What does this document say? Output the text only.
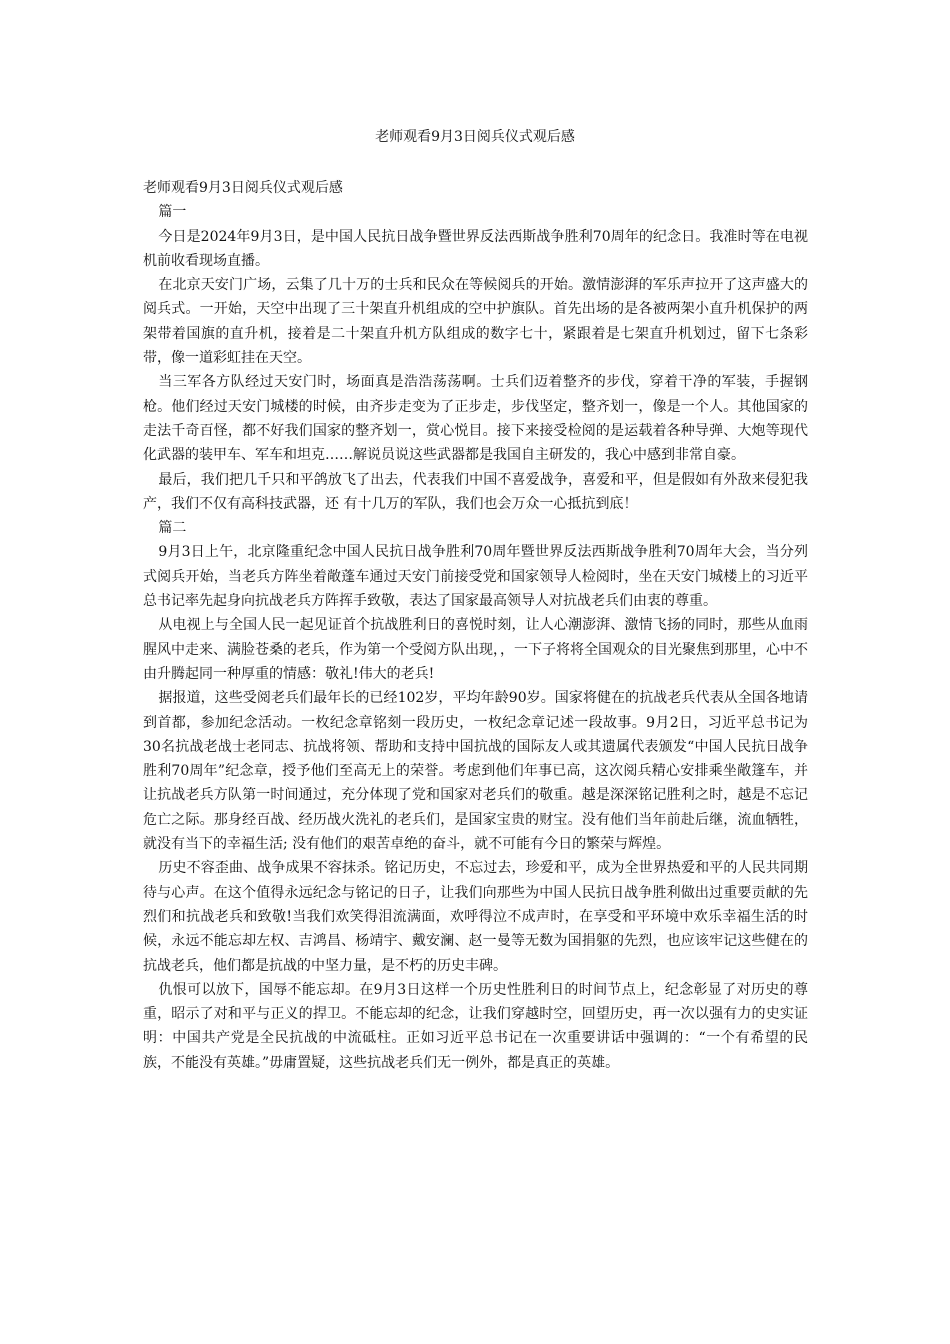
老师观看9月3日阅兵仪式观后感

老师观看9月3日阅兵仪式观后感

篇一

今日是2024年9月3日，是中国人民抗日战争暨世界反法西斯战争胜利70周年的纪念日。我准时等在电视机前收看现场直播。

在北京天安门广场，云集了几十万的士兵和民众在等候阅兵的开始。激情澎湃的军乐声拉开了这声盛大的阅兵式。一开始，天空中出现了三十架直升机组成的空中护旗队。首先出场的是各被两架小直升机保护的两架带着国旗的直升机，接着是二十架直升机方队组成的数字七十，紧跟着是七架直升机划过，留下七条彩带，像一道彩虹挂在天空。

当三军各方队经过天安门时，场面真是浩浩荡荡啊。士兵们迈着整齐的步伐，穿着干净的军装，手握钢枪。他们经过天安门城楼的时候，由齐步走变为了正步走，步伐坚定，整齐划一，像是一个人。其他国家的走法千奇百怪，都不好我们国家的整齐划一，赏心悦目。接下来接受检阅的是运载着各种导弹、大炮等现代化武器的装甲车、军车和坦克……解说员说这些武器都是我国自主研发的，我心中感到非常自豪。

最后，我们把几千只和平鸽放飞了出去，代表我们中国不喜爱战争，喜爱和平，但是假如有外敌来侵犯我产，我们不仅有高科技武器，还 有十几万的军队，我们也会万众一心抵抗到底！

篇二

9月3日上午，北京隆重纪念中国人民抗日战争胜利70周年暨世界反法西斯战争胜利70周年大会，当分列式阅兵开始，当老兵方阵坐着敞蓬车通过天安门前接受党和国家领导人检阅时，坐在天安门城楼上的习近平总书记率先起身向抗战老兵方阵挥手致敬，表达了国家最高领导人对抗战老兵们由衷的尊重。

从电视上与全国人民一起见证首个抗战胜利日的喜悦时刻，让人心潮澎湃、激情飞扬的同时，那些从血雨腥风中走来、满脸苍桑的老兵，作为第一个受阅方队出现，，一下子将将全国观众的目光聚焦到那里，心中不由升腾起同一种厚重的情感：敬礼!伟大的老兵!

据报道，这些受阅老兵们最年长的已经102岁，平均年龄90岁。国家将健在的抗战老兵代表从全国各地请到首都，参加纪念活动。一枚纪念章铭刻一段历史，一枚纪念章记述一段故事。9月2日，习近平总书记为30名抗战老战士老同志、抗战将领、帮助和支持中国抗战的国际友人或其遗属代表颁发“中国人民抗日战争胜利70周年”纪念章，授予他们至高无上的荣誉。考虑到他们年事已高，这次阅兵精心安排乘坐敞篷车，并让抗战老兵方队第一时间通过，充分体现了党和国家对老兵们的敬重。越是深深铭记胜利之时，越是不忘记危亡之际。那身经百战、经历战火洗礼的老兵们，是国家宝贵的财宝。没有他们当年前赴后继，流血牺牲，就没有当下的幸福生活; 没有他们的艰苦卓绝的奋斗，就不可能有今日的繁荣与辉煌。

历史不容歪曲、战争成果不容抹杀。铭记历史，不忘过去，珍爱和平，成为全世界热爱和平的人民共同期待与心声。在这个值得永远纪念与铭记的日子，让我们向那些为中国人民抗日战争胜利做出过重要贡献的先烈们和抗战老兵和致敬!当我们欢笑得泪流满面，欢呼得泣不成声时，在享受和平环境中欢乐幸福生活的时候，永远不能忘却左权、吉鸿昌、杨靖宇、戴安澜、赵一曼等无数为国捐躯的先烈，也应该牢记这些健在的抗战老兵，他们都是抗战的中坚力量，是不朽的历史丰碑。

仇恨可以放下，国辱不能忘却。在9月3日这样一个历史性胜利日的时间节点上，纪念彰显了对历史的尊重，昭示了对和平与正义的捍卫。不能忘却的纪念，让我们穿越时空，回望历史，再一次以强有力的史实证明：中国共产党是全民抗战的中流砥柱。正如习近平总书记在一次重要讲话中强调的：“一个有希望的民族，不能没有英雄。”毋庸置疑，这些抗战老兵们无一例外，都是真正的英雄。
